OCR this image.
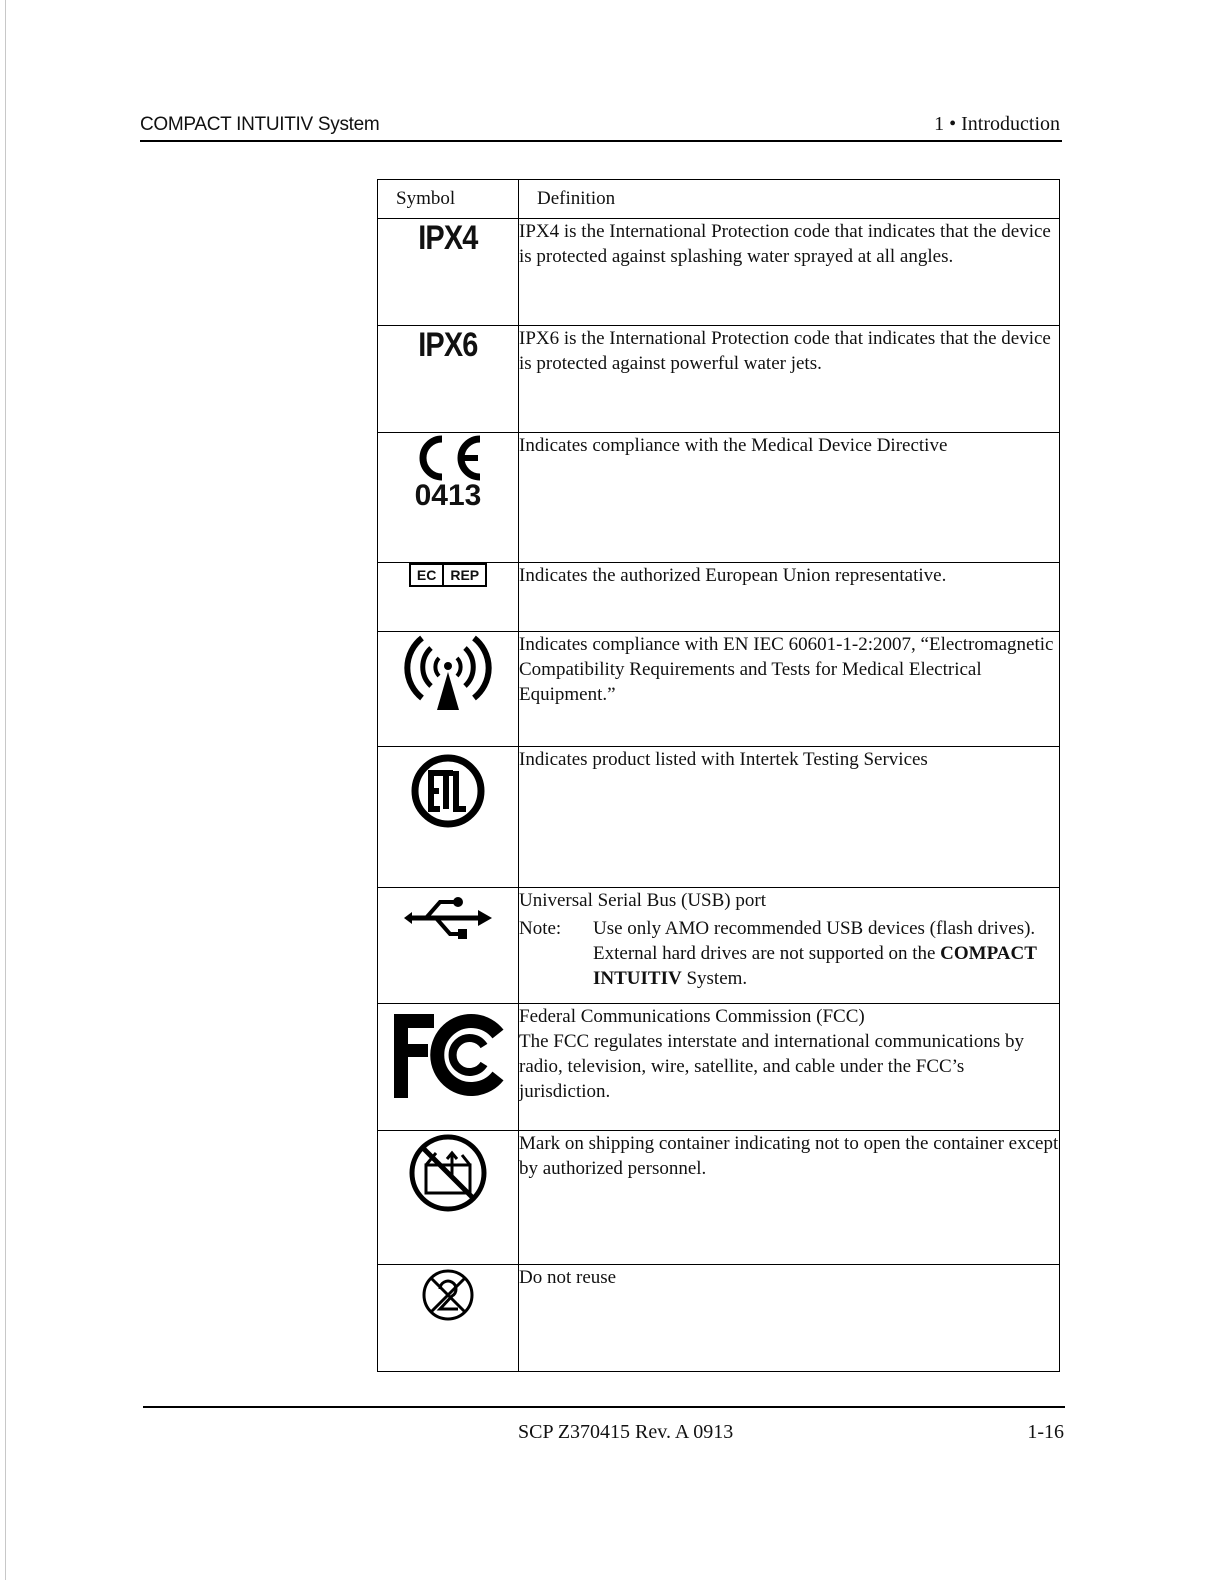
COMPACT INTUITIV System	1 • Introduction
Symbol	Definition
IPX4	IPX4 is the International Protection code that indicates that the device is protected against splashing water sprayed at all angles.
IPX6	IPX6 is the International Protection code that indicates that the device is protected against powerful water jets.

0413	Indicates compliance with the Medical Device Directive

EC REP	Indicates the authorized European Union representative.
	Indicates compliance with EN IEC 60601-1-2:2007, “Electromagnetic Compatibility Requirements and Tests for Medical Electrical Equipment.”
	Indicates product listed with Intertek Testing Services

Universal Serial Bus (USB) port
Note: Use only AMO recommended USB devices (flash drives). External hard drives are not supported on the COMPACT INTUITIV System.

Federal Communications Commission (FCC)
The FCC regulates interstate and international communications by radio, television, wire, satellite, and cable under the FCC’s jurisdiction.

	Mark on shipping container indicating not to open the container except by authorized personnel.
	Do not reuse
SCP Z370415 Rev. A 0913	1-16
